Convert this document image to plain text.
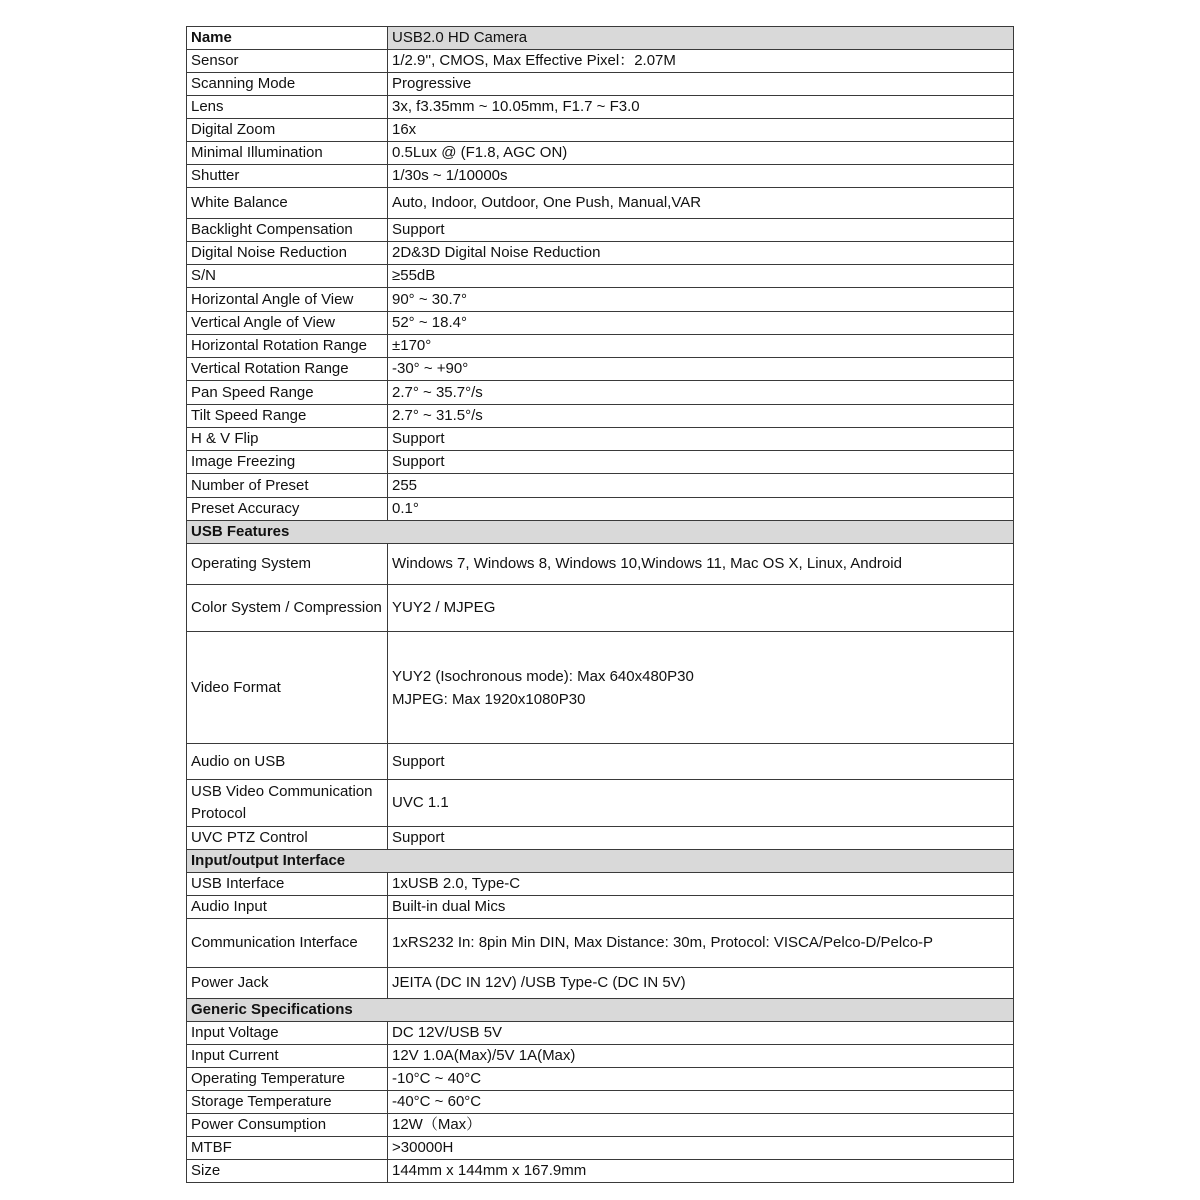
Name	USB2.0 HD Camera
Sensor	1/2.9'', CMOS, Max Effective Pixel：2.07M
Scanning Mode	Progressive
Lens	3x, f3.35mm ~ 10.05mm, F1.7 ~ F3.0
Digital Zoom	16x
Minimal Illumination	0.5Lux @ (F1.8, AGC ON)
Shutter	1/30s ~ 1/10000s
White Balance	Auto, Indoor, Outdoor, One Push, Manual,VAR
Backlight Compensation	Support
Digital Noise Reduction	2D&3D Digital Noise Reduction
S/N	≥55dB
Horizontal Angle of View	90° ~ 30.7°
Vertical Angle of View	52° ~ 18.4°
Horizontal Rotation Range	±170°
Vertical Rotation Range	-30° ~ +90°
Pan Speed Range	2.7° ~ 35.7°/s
Tilt Speed Range	2.7° ~ 31.5°/s
H & V Flip	Support
Image Freezing	Support
Number of Preset	255
Preset Accuracy	0.1°
USB Features	
Operating System	Windows 7, Windows 8, Windows 10,Windows 11, Mac OS X, Linux, Android
Color System / Compression	YUY2 / MJPEG
Video Format	YUY2 (Isochronous mode): Max 640x480P30
MJPEG: Max 1920x1080P30

Audio on USB	Support
USB Video Communication Protocol	UVC 1.1
UVC PTZ Control	Support
Input/output Interface	
USB Interface	1xUSB 2.0, Type-C
Audio Input	Built-in dual Mics
Communication Interface	1xRS232 In: 8pin Min DIN, Max Distance: 30m, Protocol: VISCA/Pelco-D/Pelco-P
Power Jack	JEITA (DC IN 12V) /USB Type-C (DC IN 5V)
Generic Specifications	
Input Voltage	DC 12V/USB 5V
Input Current	12V 1.0A(Max)/5V 1A(Max)
Operating Temperature	-10°C ~ 40°C
Storage Temperature	-40°C ~ 60°C
Power Consumption	12W（Max）
MTBF	>30000H
Size	144mm x 144mm x 167.9mm
